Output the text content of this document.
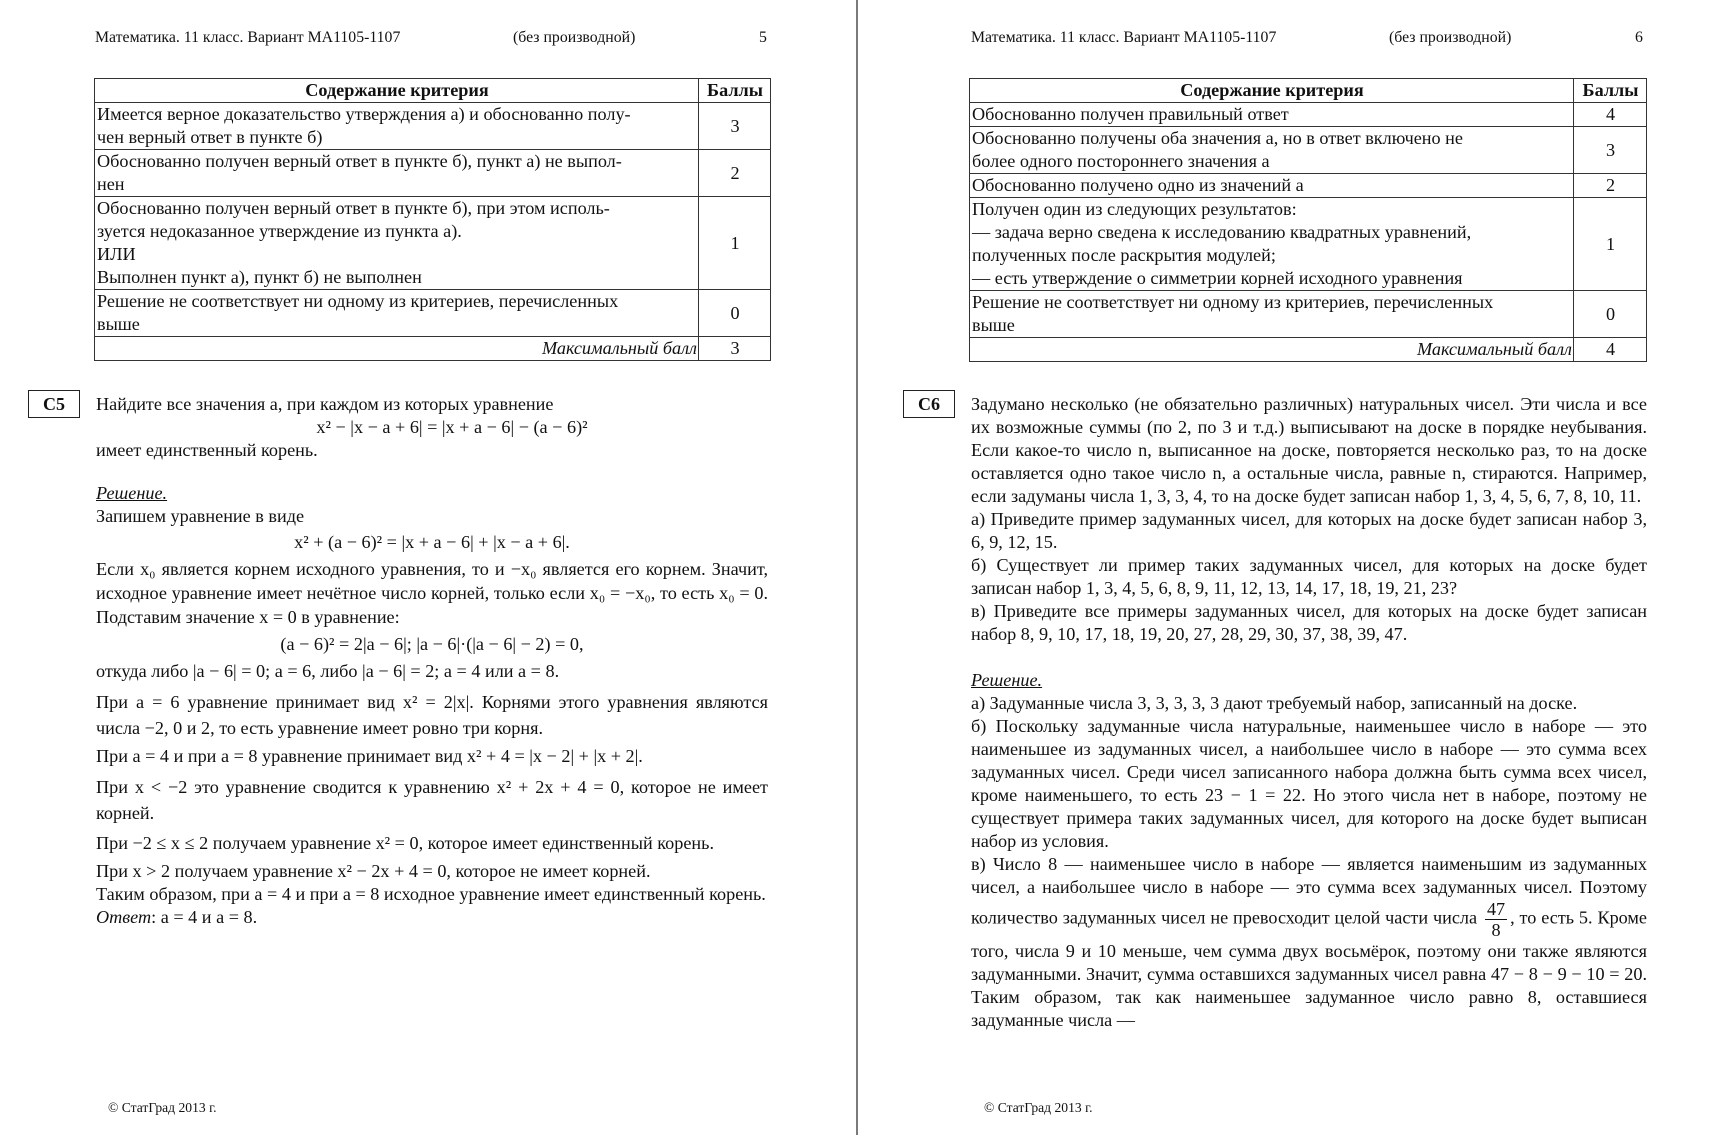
Математика. 11 класс. Вариант МА1105-1107	(без производной)	5
Содержание критерия	Баллы

Имеется верное доказательство утверждения а) и обоснованно полу-
чен верный ответ в пункте б)	3

Обоснованно получен верный ответ в пункте б), пункт а) не выпол-
нен	2

Обоснованно получен верный ответ в пункте б), при этом исполь-
зуется недоказанное утверждение из пункта а).
ИЛИ
Выполнен пункт а), пункт б) не выполнен	1

Решение не соответствует ни одному из критериев, перечисленных
выше	0
Максимальный балл	3
C5	Найдите все значения a, при каждом из которых уравнение

x² − |x − a + 6| = |x + a − 6| − (a − 6)²

имеет единственный корень.

Решение.

Запишем уравнение в виде

x² + (a − 6)² = |x + a − 6| + |x − a + 6|.

Если x₀ является корнем исходного уравнения, то и −x₀ является его корнем. Значит, исходное уравнение имеет нечётное число корней, только если x₀ = −x₀, то есть x₀ = 0. Подставим значение x = 0 в уравнение:

(a − 6)² = 2|a − 6|; |a − 6|·(|a − 6| − 2) = 0,

откуда либо |a − 6| = 0; a = 6, либо |a − 6| = 2; a = 4 или a = 8.

При a = 6 уравнение принимает вид x² = 2|x|. Корнями этого уравнения являются числа −2, 0 и 2, то есть уравнение имеет ровно три корня.

При a = 4 и при a = 8 уравнение принимает вид x² + 4 = |x − 2| + |x + 2|.

При x < −2 это уравнение сводится к уравнению x² + 2x + 4 = 0, которое не имеет корней.

При −2 ≤ x ≤ 2 получаем уравнение x² = 0, которое имеет единственный корень.

При x > 2 получаем уравнение x² − 2x + 4 = 0, которое не имеет корней.

Таким образом, при a = 4 и при a = 8 исходное уравнение имеет единственный корень.

Ответ: a = 4 и a = 8.

© СтатГрад 2013 г.
Математика. 11 класс. Вариант МА1105-1107	(без производной)	6
Содержание критерия	Баллы

Обоснованно получен правильный ответ	4

Обоснованно получены оба значения a, но в ответ включено не
более одного постороннего значения a	3

Обоснованно получено одно из значений a	2

Получен один из следующих результатов:
— задача верно сведена к исследованию квадратных уравнений,
полученных после раскрытия модулей;
— есть утверждение о симметрии корней исходного уравнения	1

Решение не соответствует ни одному из критериев, перечисленных
выше	0
Максимальный балл	4
C6	Задумано несколько (не обязательно различных) натуральных чисел. Эти числа и все их возможные суммы (по 2, по 3 и т.д.) выписывают на доске в порядке неубывания. Если какое-то число n, выписанное на доске, повторяется несколько раз, то на доске оставляется одно такое число n, а остальные числа, равные n, стираются. Например, если задуманы числа 1, 3, 3, 4, то на доске будет записан набор 1, 3, 4, 5, 6, 7, 8, 10, 11.

а) Приведите пример задуманных чисел, для которых на доске будет записан набор 3, 6, 9, 12, 15.

б) Существует ли пример таких задуманных чисел, для которых на доске будет записан набор 1, 3, 4, 5, 6, 8, 9, 11, 12, 13, 14, 17, 18, 19, 21, 23?

в) Приведите все примеры задуманных чисел, для которых на доске будет записан набор 8, 9, 10, 17, 18, 19, 20, 27, 28, 29, 30, 37, 38, 39, 47.

Решение.

а) Задуманные числа 3, 3, 3, 3, 3 дают требуемый набор, записанный на доске.

б) Поскольку задуманные числа натуральные, наименьшее число в наборе — это наименьшее из задуманных чисел, а наибольшее число в наборе — это сумма всех задуманных чисел. Среди чисел записанного набора должна быть сумма всех чисел, кроме наименьшего, то есть 23 − 1 = 22. Но этого числа нет в наборе, поэтому не существует примера таких задуманных чисел, для которого на доске будет выписан набор из условия.

в) Число 8 — наименьшее число в наборе — является наименьшим из задуманных чисел, а наибольшее число в наборе — это сумма всех задуманных чисел. Поэтому количество задуманных чисел не превосходит целой части числа $\frac{47}{8}$ , то есть 5. Кроме того, числа 9 и 10 меньше, чем сумма двух восьмёрок, поэтому они также являются задуманными. Значит, сумма оставшихся задуманных чисел равна 47 − 8 − 9 − 10 = 20. Таким образом, так как наименьшее задуманное число равно 8, оставшиеся задуманные числа —

© СтатГрад 2013 г.
